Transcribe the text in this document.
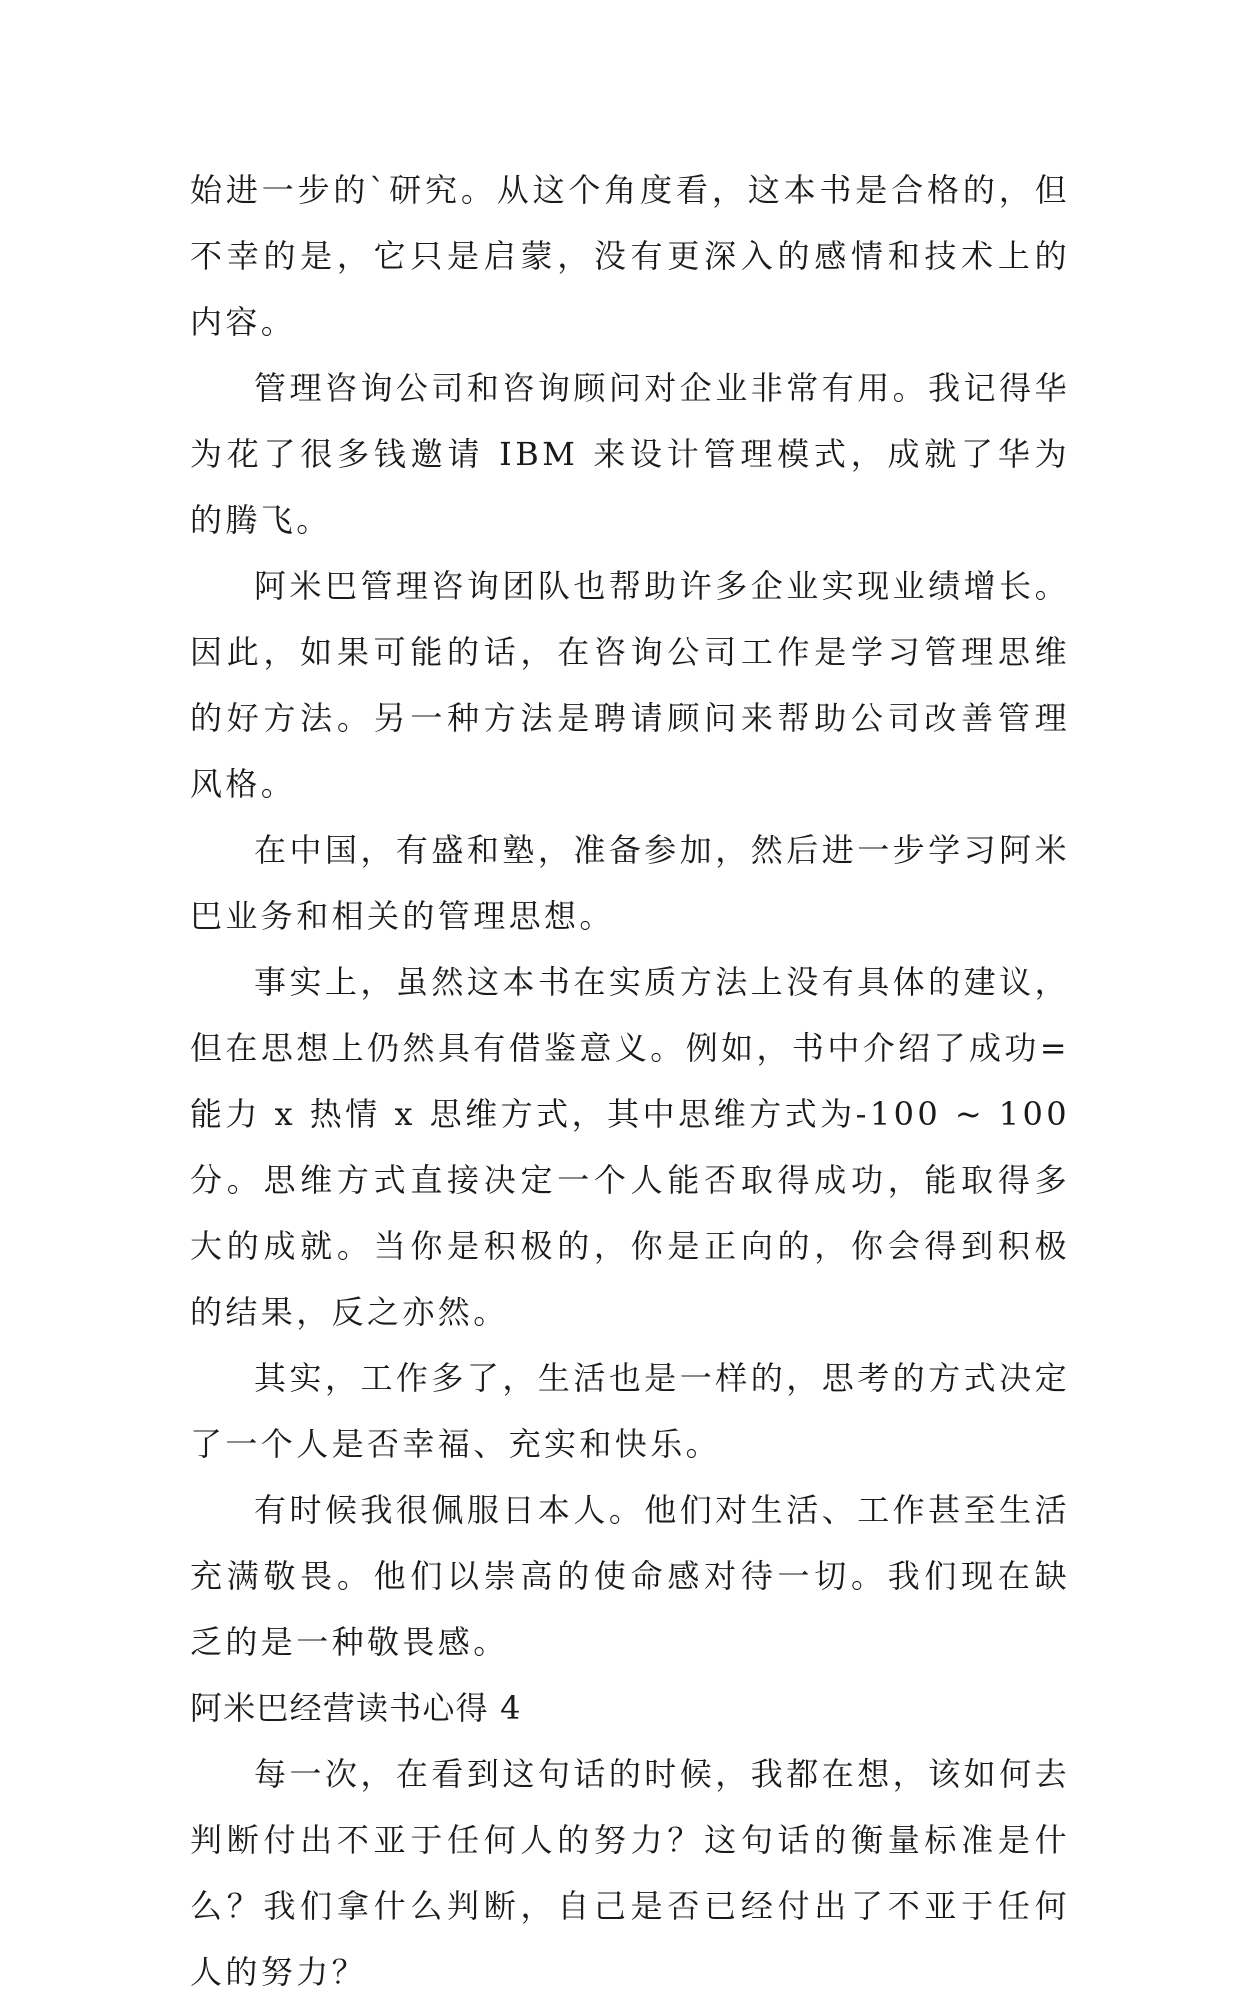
始进一步的`研究。从这个角度看，这本书是合格的，但不幸的是，它只是启蒙，没有更深入的感情和技术上的内容。

管理咨询公司和咨询顾问对企业非常有用。我记得华为花了很多钱邀请 IBM 来设计管理模式，成就了华为的腾飞。

阿米巴管理咨询团队也帮助许多企业实现业绩增长。因此，如果可能的话，在咨询公司工作是学习管理思维的好方法。另一种方法是聘请顾问来帮助公司改善管理风格。

在中国，有盛和塾，准备参加，然后进一步学习阿米巴业务和相关的管理思想。

事实上，虽然这本书在实质方法上没有具体的建议，但在思想上仍然具有借鉴意义。例如，书中介绍了成功=能力 x 热情 x 思维方式，其中思维方式为-100 ~ 100 分。思维方式直接决定一个人能否取得成功，能取得多大的成就。当你是积极的，你是正向的，你会得到积极的结果，反之亦然。

其实，工作多了，生活也是一样的，思考的方式决定了一个人是否幸福、充实和快乐。

有时候我很佩服日本人。他们对生活、工作甚至生活充满敬畏。他们以崇高的使命感对待一切。我们现在缺乏的是一种敬畏感。

阿米巴经营读书心得 4

每一次，在看到这句话的时候，我都在想，该如何去判断付出不亚于任何人的努力？这句话的衡量标准是什么？我们拿什么判断，自己是否已经付出了不亚于任何人的努力？
